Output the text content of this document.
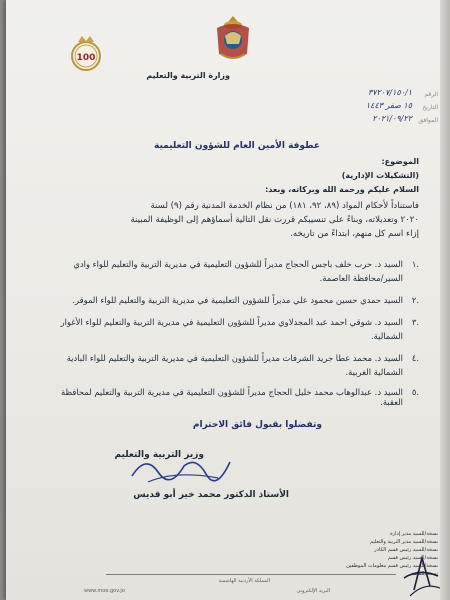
100
وزارة التربية والتعليم
الرقم
٣٧٢٠٧/١٥٠/١
التاريخ
١٥ صفر ١٤٤٣
الموافق
٢٠٢١/٠٩/٢٢
عطوفة الأمين العام للشؤون التعليمية
الموضوع:
(التشكيلات الإدارية)
السلام عليكم ورحمة الله وبركاته، وبعد:
فاستناداً لأحكام المواد (٨٩، ٩٢، ١٨١) من نظام الخدمة المدنية رقم (٩) لسنة
٢٠٢٠ وتعديلاته، وبناءً على تنسيبكم قررت نقل التالية أسماؤهم إلى الوظيفة المبينة
إزاء اسم كل منهم، ابتداءً من تاريخه.
.١السيد د. حرب خلف باجس الحجاج مديراً للشؤون التعليمية في مديرية التربية والتعليم للواء وادي
السير/محافظة العاصمة.
.٢السيد حمدي حسين محمود علي مديراً للشؤون التعليمية في مديرية التربية والتعليم للواء الموقر.
.٣السيد د. شوقي احمد عبد المجدلاوي مديراً للشؤون التعليمية في مديرية التربية والتعليم للواء الأغوار
الشمالية.
.٤السيد د. محمد عطا جريد الشرفات مديراً للشؤون التعليمية في مديرية التربية والتعليم للواء البادية
الشمالية الغربية.
.٥السيد د. عبدالوهاب محمد خليل الحجاج مديراً للشؤون التعليمية في مديرية التربية والتعليم لمحافظة
العقبة.
وتفضلوا بقبول فائق الاحترام
وزير التربية والتعليم
الأستاذ الدكتور محمد خير أبو قديس
نسخة/للسيد مدير إدارة
نسخة/للسيد مدير التربية والتعليم
نسخة/للسيد رئيس قسم الكادر
نسخة/للسيد رئيس قسم
نسخة/للسيد رئيس قسم معلومات الموظفين
نسخة/للملف
المملكة الأردنية الهاشمية
www.moe.gov.jo	البريد الإلكتروني
